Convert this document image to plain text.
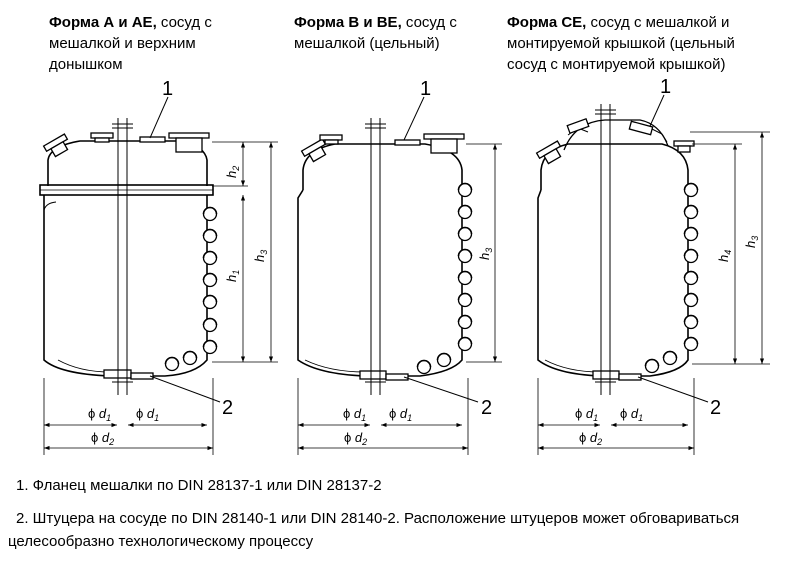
Форма А и АЕ, сосуд с
мешалкой и верхним
донышком
Форма В и ВЕ, сосуд с
мешалкой (цельный)
Форма СЕ, сосуд с мешалкой и
монтируемой крышкой (цельный
сосуд с монтируемой крышкой)
1	1	1
2	2	2
$h_2$
$h_1$
$h_3$
$h_3$
$h_4$
$h_3$
ϕ $d_1$ ϕ $d_1$
ϕ $d_2$
ϕ $d_1$ ϕ $d_1$
ϕ $d_2$
ϕ $d_1$ ϕ $d_1$
ϕ $d_2$
1. Фланец мешалки по DIN 28137-1 или DIN 28137-2
2. Штуцера на сосуде по DIN 28140-1 или DIN 28140-2. Расположение штуцеров может обговариваться
целесообразно технологическому процессу
